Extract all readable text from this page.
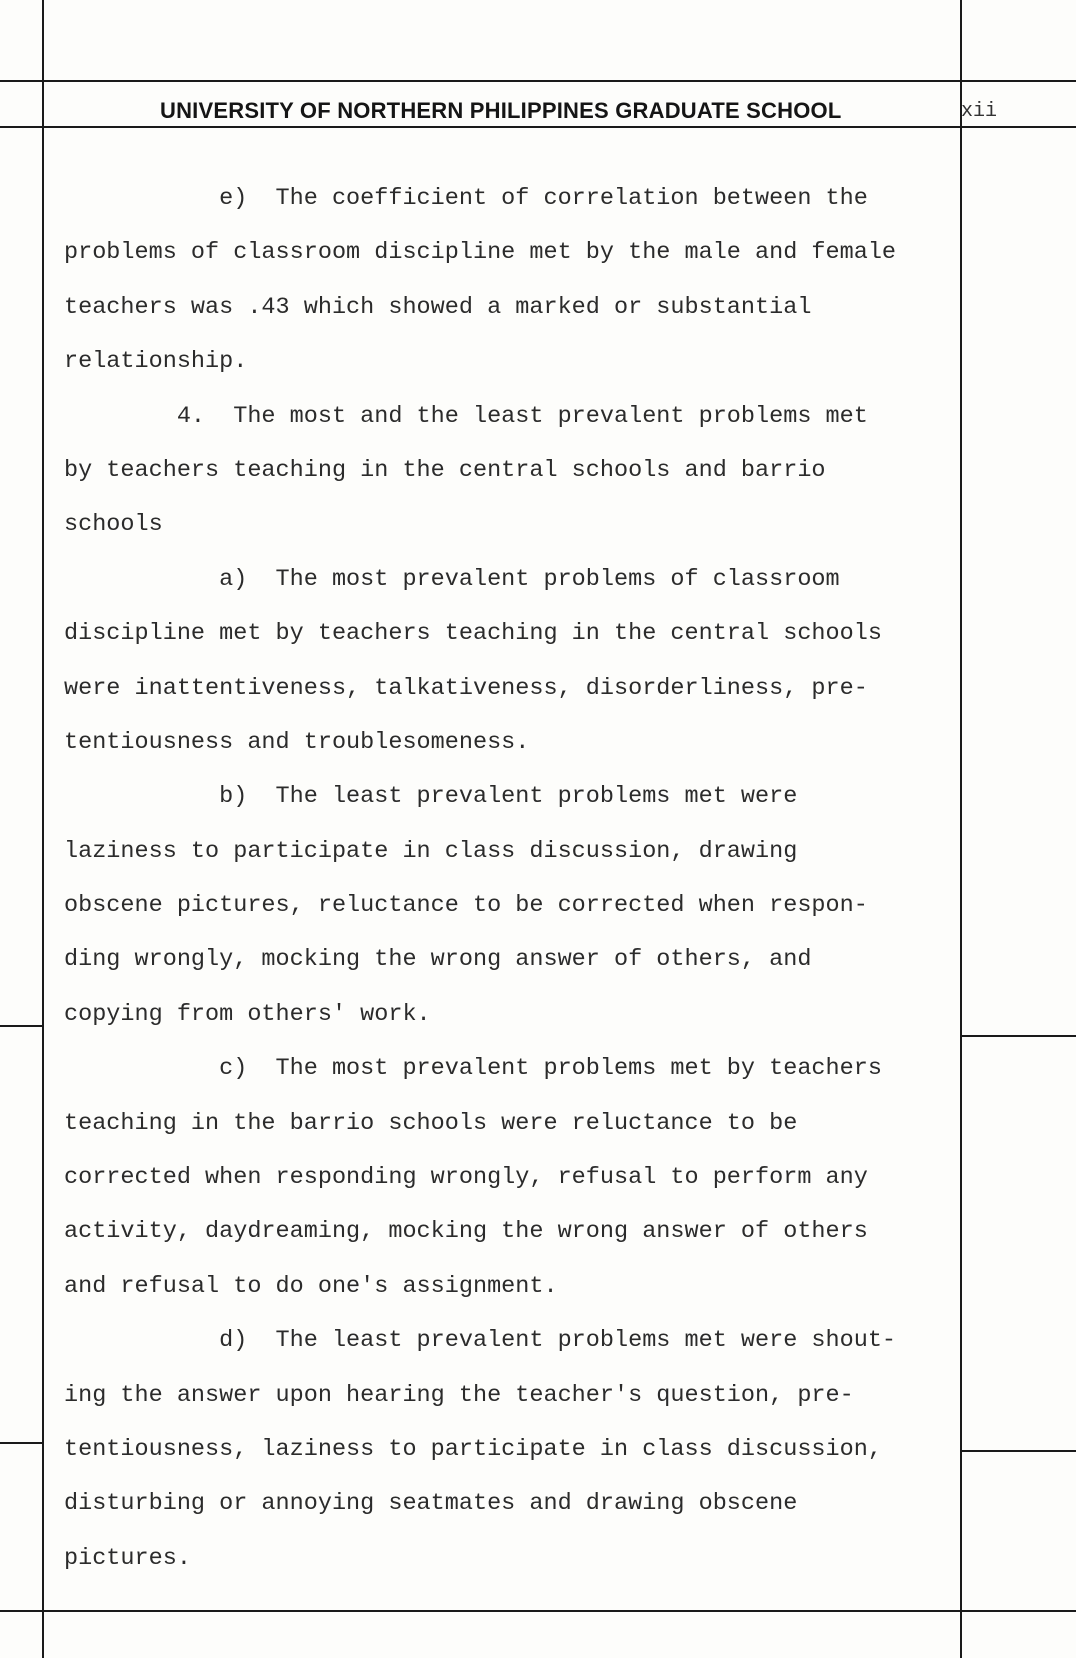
UNIVERSITY OF NORTHERN PHILIPPINES GRADUATE SCHOOL	xii
e)  The coefficient of correlation between the
problems of classroom discipline met by the male and female
teachers was .43 which showed a marked or substantial
relationship.
4.  The most and the least prevalent problems met
by teachers teaching in the central schools and barrio
schools
a)  The most prevalent problems of classroom
discipline met by teachers teaching in the central schools
were inattentiveness, talkativeness, disorderliness, pre-
tentiousness and troublesomeness.
b)  The least prevalent problems met were
laziness to participate in class discussion, drawing
obscene pictures, reluctance to be corrected when respon-
ding wrongly, mocking the wrong answer of others, and
copying from others' work.
c)  The most prevalent problems met by teachers
teaching in the barrio schools were reluctance to be
corrected when responding wrongly, refusal to perform any
activity, daydreaming, mocking the wrong answer of others
and refusal to do one's assignment.
d)  The least prevalent problems met were shout-
ing the answer upon hearing the teacher's question, pre-
tentiousness, laziness to participate in class discussion,
disturbing or annoying seatmates and drawing obscene
pictures.
